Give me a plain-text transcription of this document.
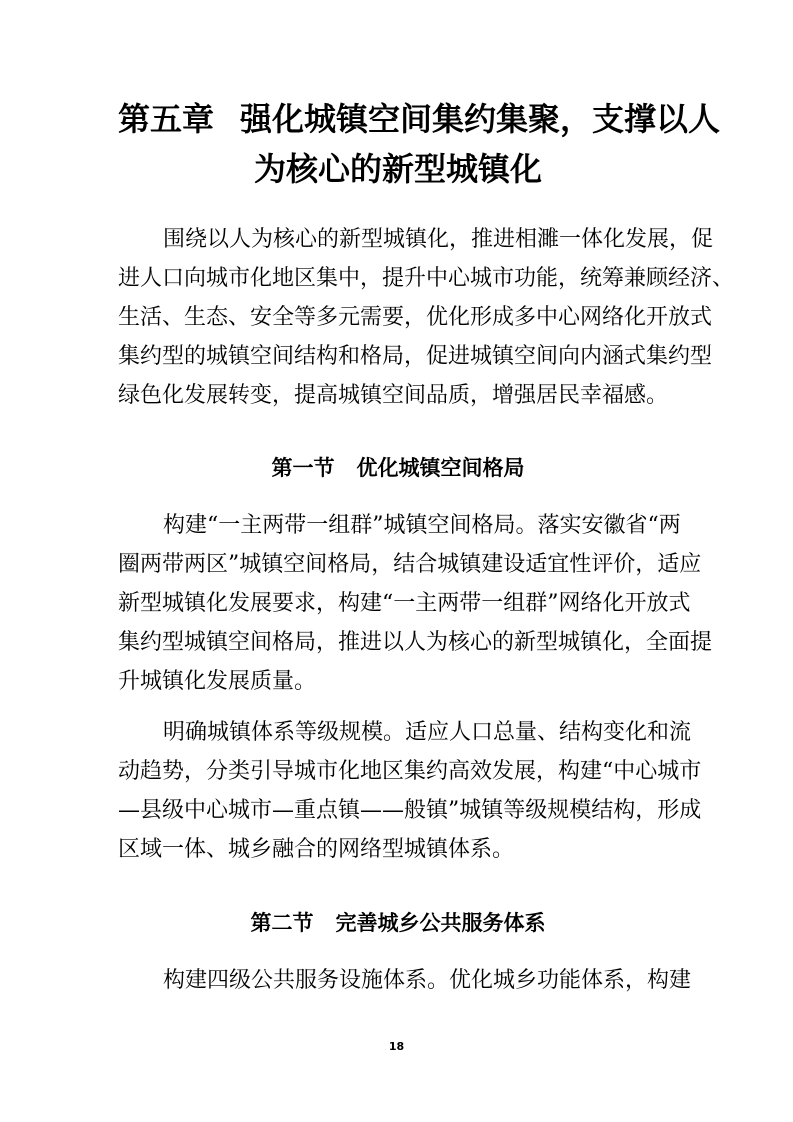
第五章 强化城镇空间集约集聚，支撑以人
为核心的新型城镇化
围绕以人为核心的新型城镇化，推进相濉一体化发展，促
进人口向城市化地区集中，提升中心城市功能，统筹兼顾经济、
生活、生态、安全等多元需要，优化形成多中心网络化开放式
集约型的城镇空间结构和格局，促进城镇空间向内涵式集约型
绿色化发展转变，提高城镇空间品质，增强居民幸福感。
第一节 优化城镇空间格局
构建“一主两带一组群”城镇空间格局。落实安徽省“两
圈两带两区”城镇空间格局，结合城镇建设适宜性评价，适应
新型城镇化发展要求，构建“一主两带一组群”网络化开放式
集约型城镇空间格局，推进以人为核心的新型城镇化，全面提
升城镇化发展质量。
明确城镇体系等级规模。适应人口总量、结构变化和流
动趋势，分类引导城市化地区集约高效发展，构建“中心城市
—县级中心城市—重点镇——般镇”城镇等级规模结构，形成
区域一体、城乡融合的网络型城镇体系。
第二节 完善城乡公共服务体系
构建四级公共服务设施体系。优化城乡功能体系，构建
18
